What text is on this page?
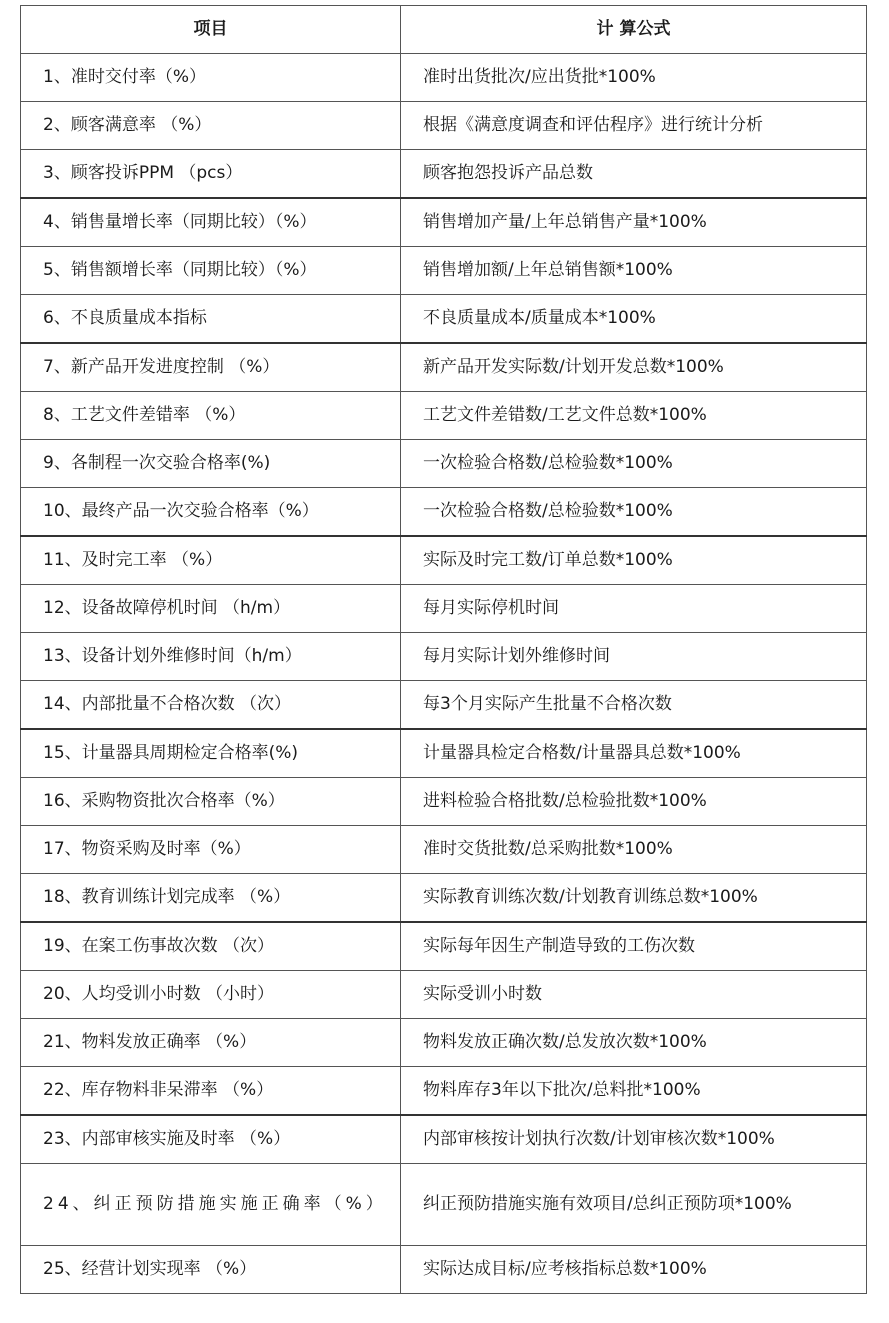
项目	计 算公式
1、准时交付率（%）	准时出货批次/应出货批*100%
2、顾客满意率 （%）	根据《满意度调查和评估程序》进行统计分析
3、顾客投诉PPM （pcs）	顾客抱怨投诉产品总数
4、销售量增长率（同期比较）（%）	销售增加产量/上年总销售产量*100%
5、销售额增长率（同期比较）（%）	销售增加额/上年总销售额*100%
6、不良质量成本指标	不良质量成本/质量成本*100%
7、新产品开发进度控制 （%）	新产品开发实际数/计划开发总数*100%
8、工艺文件差错率 （%）	工艺文件差错数/工艺文件总数*100%
9、各制程一次交验合格率(%)	一次检验合格数/总检验数*100%
10、最终产品一次交验合格率（%）	一次检验合格数/总检验数*100%
11、及时完工率 （%）	实际及时完工数/订单总数*100%
12、设备故障停机时间 （h/m）	每月实际停机时间
13、设备计划外维修时间（h/m）	每月实际计划外维修时间
14、内部批量不合格次数 （次）	每3个月实际产生批量不合格次数
15、计量器具周期检定合格率(%)	计量器具检定合格数/计量器具总数*100%
16、采购物资批次合格率（%）	进料检验合格批数/总检验批数*100%
17、物资采购及时率（%）	准时交货批数/总采购批数*100%
18、教育训练计划完成率 （%）	实际教育训练次数/计划教育训练总数*100%
19、在案工伤事故次数 （次）	实际每年因生产制造导致的工伤次数
20、人均受训小时数 （小时）	实际受训小时数
21、物料发放正确率 （%）	物料发放正确次数/总发放次数*100%
22、库存物料非呆滞率 （%）	物料库存3年以下批次/总料批*100%
23、内部审核实施及时率 （%）	内部审核按计划执行次数/计划审核次数*100%
24、纠正预防措施实施正确率（%）	纠正预防措施实施有效项目/总纠正预防项*100%
25、经营计划实现率 （%）	实际达成目标/应考核指标总数*100%
